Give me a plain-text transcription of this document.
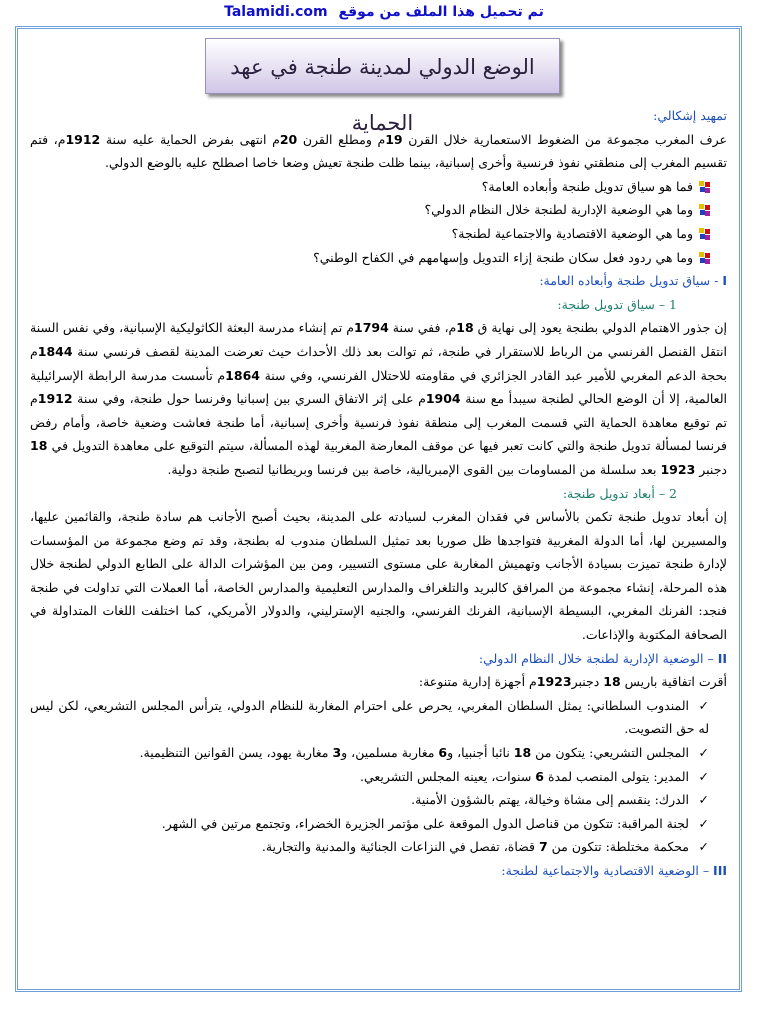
Talamidi.com تم تحميل هذا الملف من موقع
الوضع الدولي لمدينة طنجة في عهد الحماية	تمهيد إشكالي:
عرف المغرب مجموعة من الضغوط الاستعمارية خلال القرن 19م ومطلع القرن 20م انتهى بفرض الحماية عليه سنة 1912م، فتم تقسيم المغرب إلى منطقتي نفوذ فرنسية وأخرى إسبانية، بينما ظلت طنجة تعيش وضعا خاصا اصطلح عليه بالوضع الدولي.
فما هو سياق تدويل طنجة وأبعاده العامة؟
وما هي الوضعية الإدارية لطنجة خلال النظام الدولي؟
وما هي الوضعية الاقتصادية والاجتماعية لطنجة؟
وما هي ردود فعل سكان طنجة إزاء التدويل وإسهامهم في الكفاح الوطني؟
I - سياق تدويل طنجة وأبعاده العامة:
1 – سياق تدويل طنجة:
إن جذور الاهتمام الدولي بطنجة يعود إلى نهاية ق 18م، ففي سنة 1794م تم إنشاء مدرسة البعثة الكاثوليكية الإسبانية، وفي نفس السنة انتقل القنصل الفرنسي من الرباط للاستقرار في طنجة، ثم توالت بعد ذلك الأحداث حيث تعرضت المدينة لقصف فرنسي سنة 1844م بحجة الدعم المغربي للأمير عبد القادر الجزائري في مقاومته للاحتلال الفرنسي، وفي سنة 1864م تأسست مدرسة الرابطة الإسرائيلية العالمية، إلا أن الوضع الحالي لطنجة سيبدأ مع سنة 1904م على إثر الاتفاق السري بين إسبانيا وفرنسا حول طنجة، وفي سنة 1912م تم توقيع معاهدة الحماية التي قسمت المغرب إلى منطقة نفوذ فرنسية وأخرى إسبانية، أما طنجة فعاشت وضعية خاصة، وأمام رفض فرنسا لمسألة تدويل طنجة والتي كانت تعبر فيها عن موقف المعارضة المغربية لهذه المسألة، سيتم التوقيع على معاهدة التدويل في 18 دجنبر 1923 بعد سلسلة من المساومات بين القوى الإمبريالية، خاصة بين فرنسا وبريطانيا لتصبح طنجة دولية.
2 – أبعاد تدويل طنجة:
إن أبعاد تدويل طنجة تكمن بالأساس في فقدان المغرب لسيادته على المدينة، بحيث أصبح الأجانب هم سادة طنجة، والقائمين عليها، والمسيرين لها، أما الدولة المغربية فتواجدها ظل صوريا بعد تمثيل السلطان مندوب له بطنجة، وقد تم وضع مجموعة من المؤسسات لإدارة طنجة تميزت بسيادة الأجانب وتهميش المغاربة على مستوى التسيير، ومن بين المؤشرات الدالة على الطابع الدولي لطنجة خلال هذه المرحلة، إنشاء مجموعة من المرافق كالبريد والتلغراف والمدارس التعليمية والمدارس الخاصة، أما العملات التي تداولت في طنجة فنجد: الفرنك المغربي، البسيطة الإسبانية، الفرنك الفرنسي، والجنيه الإسترليني، والدولار الأمريكي، كما اختلفت اللغات المتداولة في الصحافة المكتوبة والإذاعات.
II – الوضعية الإدارية لطنجة خلال النظام الدولي:
أقرت اتفاقية باريس 18 دجنبر1923م أجهزة إدارية متنوعة:
✓المندوب السلطاني: يمثل السلطان المغربي، يحرص على احترام المغاربة للنظام الدولي، يترأس المجلس التشريعي، لكن ليس له حق التصويت.
✓المجلس التشريعي: يتكون من 18 نائبا أجنبيا، و6 مغاربة مسلمين، و3 مغاربة يهود، يسن القوانين التنظيمية.
✓المدير: يتولى المنصب لمدة 6 سنوات، يعينه المجلس التشريعي.
✓الدرك: ينقسم إلى مشاة وخيالة، يهتم بالشؤون الأمنية.
✓لجنة المراقبة: تتكون من قناصل الدول الموقعة على مؤتمر الجزيرة الخضراء، وتجتمع مرتين في الشهر.
✓محكمة مختلطة: تتكون من 7 قضاة، تفصل في النزاعات الجنائية والمدنية والتجارية.
III – الوضعية الاقتصادية والاجتماعية لطنجة:
